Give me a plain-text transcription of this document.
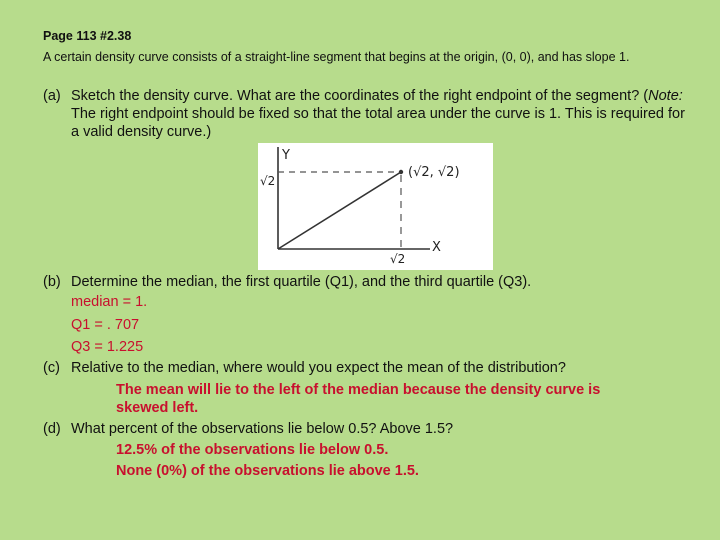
Page 113 #2.38
A certain density curve consists of a straight-line segment that begins at the origin, (0, 0), and has slope 1.
(a) Sketch the density curve. What are the coordinates of the right endpoint of the segment? (Note: The right endpoint should be fixed so that the total area under the curve is 1. This is required for a valid density curve.)
Y
√2
√2
X
(√2, √2)
(b) Determine the median, the first quartile (Q1), and the third quartile (Q3).
median = 1.
Q1 = . 707
Q3 = 1.225
(c) Relative to the median, where would you expect the mean of the distribution?
The mean will lie to the left of the median because the density curve is skewed left.
(d) What percent of the observations lie below 0.5? Above 1.5?
12.5% of the observations lie below 0.5.
None (0%) of the observations lie above 1.5.
